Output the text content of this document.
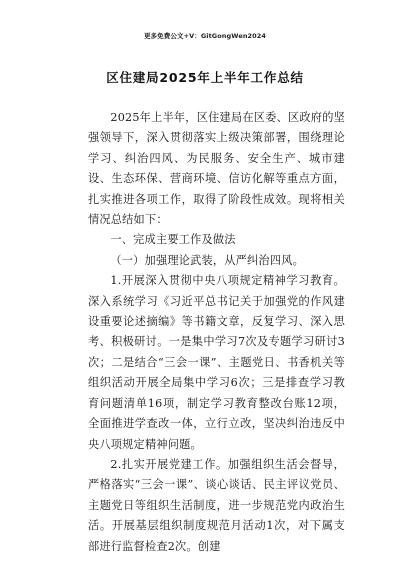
更多免费公文+V：GitGongWen2024
区住建局2025年上半年工作总结

2025年上半年，区住建局在区委、区政府的坚强领导下，深入贯彻落实上级决策部署，围绕理论学习、纠治四风、为民服务、安全生产、城市建设、生态环保、营商环境、信访化解等重点方面，扎实推进各项工作，取得了阶段性成效。现将相关情况总结如下：

一、完成主要工作及做法

（一）加强理论武装，从严纠治四风。

1.开展深入贯彻中央八项规定精神学习教育。深入系统学习《习近平总书记关于加强党的作风建设重要论述摘编》等书籍文章，反复学习、深入思考、积极研讨。一是集中学习7次及专题学习研讨3次；二是结合“三会一课”、主题党日、书香机关等组织活动开展全局集中学习6次；三是排查学习教育问题清单16项，制定学习教育整改台账12项，全面推进学查改一体，立行立改，坚决纠治违反中央八项规定精神问题。

2.扎实开展党建工作。加强组织生活会督导，严格落实“三会一课”、谈心谈话、民主评议党员、主题党日等组织生活制度，进一步规范党内政治生活。开展基层组织制度规范月活动1次，对下属支部进行监督检查2次。创建
